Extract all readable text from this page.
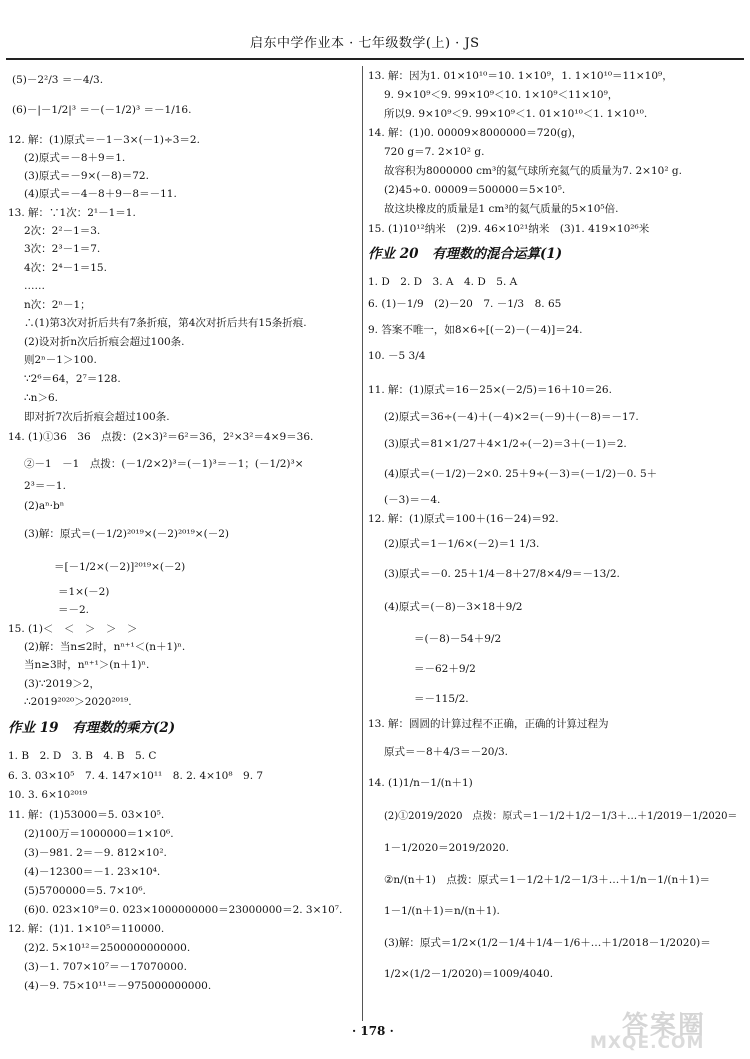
启东中学作业本 · 七年级数学(上) · JS
(5)－2²/3 ＝－4/3.
(6)－|－1/2|³ ＝－(－1/2)³ ＝－1/16.
12. 解：(1)原式＝－1－3×(－1)÷3＝2.
(2)原式＝－8＋9＝1.
(3)原式＝－9×(－8)＝72.
(4)原式＝－4－8＋9－8＝－11.
13. 解：∵1次：2¹－1＝1.
2次：2²－1＝3.
3次：2³－1＝7.
4次：2⁴－1＝15.
……
n次：2ⁿ－1；
∴(1)第3次对折后共有7条折痕，第4次对折后共有15条折痕.
(2)设对折n次后折痕会超过100条.
则2ⁿ－1＞100.
∵2⁶＝64，2⁷＝128.
∴n＞6.
即对折7次后折痕会超过100条.
14. (1)①36　36　点拨：(2×3)²＝6²＝36，2²×3²＝4×9＝36.
②－1　－1　点拨：(－1/2×2)³＝(－1)³＝－1；(－1/2)³×
2³＝－1.
(2)aⁿ·bⁿ
(3)解：原式＝(－1/2)²⁰¹⁹×(－2)²⁰¹⁹×(－2)
＝[－1/2×(－2)]²⁰¹⁹×(－2)
＝1×(－2)
＝－2.
15. (1)＜　＜　＞　＞　＞
(2)解：当n≤2时，nⁿ⁺¹＜(n＋1)ⁿ.
当n≥3时，nⁿ⁺¹＞(n＋1)ⁿ.
(3)∵2019＞2，
∴2019²⁰²⁰＞2020²⁰¹⁹.
作业 19　有理数的乘方(2)
1. B　2. D　3. B　4. B　5. C
6. 3. 03×10⁵　7. 4. 147×10¹¹　8. 2. 4×10⁸　9. 7
10. 3. 6×10²⁰¹⁹
11. 解：(1)53000＝5. 03×10⁵.
(2)100万＝1000000＝1×10⁶.
(3)－981. 2＝－9. 812×10².
(4)－12300＝－1. 23×10⁴.
(5)5700000＝5. 7×10⁶.
(6)0. 023×10⁹＝0. 023×1000000000＝23000000＝2. 3×10⁷.
12. 解：(1)1. 1×10⁵＝110000.
(2)2. 5×10¹²＝2500000000000.
(3)－1. 707×10⁷＝－17070000.
(4)－9. 75×10¹¹＝－975000000000.
13. 解：因为1. 01×10¹⁰＝10. 1×10⁹，1. 1×10¹⁰＝11×10⁹，
9. 9×10⁹＜9. 99×10⁹＜10. 1×10⁹＜11×10⁹，
所以9. 9×10⁹＜9. 99×10⁹＜1. 01×10¹⁰＜1. 1×10¹⁰.
14. 解：(1)0. 00009×8000000＝720(g)，
720 g＝7. 2×10² g.
故容积为8000000 cm³的氦气球所充氦气的质量为7. 2×10² g.
(2)45÷0. 00009＝500000＝5×10⁵.
故这块橡皮的质量是1 cm³的氦气质量的5×10⁵倍.
15. (1)10¹²纳米　(2)9. 46×10²¹纳米　(3)1. 419×10²⁶米
作业 20　有理数的混合运算(1)
1. D　2. D　3. A　4. D　5. A
6. (1)－1/9　(2)－20　7. －1/3　8. 65
9. 答案不唯一，如8×6÷[(－2)－(－4)]＝24.
10. －5 3/4
11. 解：(1)原式＝16－25×(－2/5)＝16＋10＝26.
(2)原式＝36÷(－4)＋(－4)×2＝(－9)＋(－8)＝－17.
(3)原式＝81×1/27＋4×1/2÷(－2)＝3＋(－1)＝2.
(4)原式＝(－1/2)－2×0. 25＋9÷(－3)＝(－1/2)－0. 5＋
(－3)＝－4.
12. 解：(1)原式＝100＋(16－24)＝92.
(2)原式＝1－1/6×(－2)＝1 1/3.
(3)原式＝－0. 25＋1/4－8＋27/8×4/9＝－13/2.
(4)原式＝(－8)－3×18＋9/2
＝(－8)－54＋9/2
＝－62＋9/2
＝－115/2.
13. 解：圆圆的计算过程不正确，正确的计算过程为
原式＝－8＋4/3＝－20/3.
14. (1)1/n－1/(n＋1)
(2)①2019/2020　点拨：原式＝1－1/2＋1/2－1/3＋…＋1/2019－1/2020＝
1－1/2020＝2019/2020.
②n/(n＋1)　点拨：原式＝1－1/2＋1/2－1/3＋…＋1/n－1/(n＋1)＝
1－1/(n＋1)＝n/(n＋1).
(3)解：原式＝1/2×(1/2－1/4＋1/4－1/6＋…＋1/2018－1/2020)＝
1/2×(1/2－1/2020)＝1009/4040.
· 178 ·	答案圈
MXQE.COM
